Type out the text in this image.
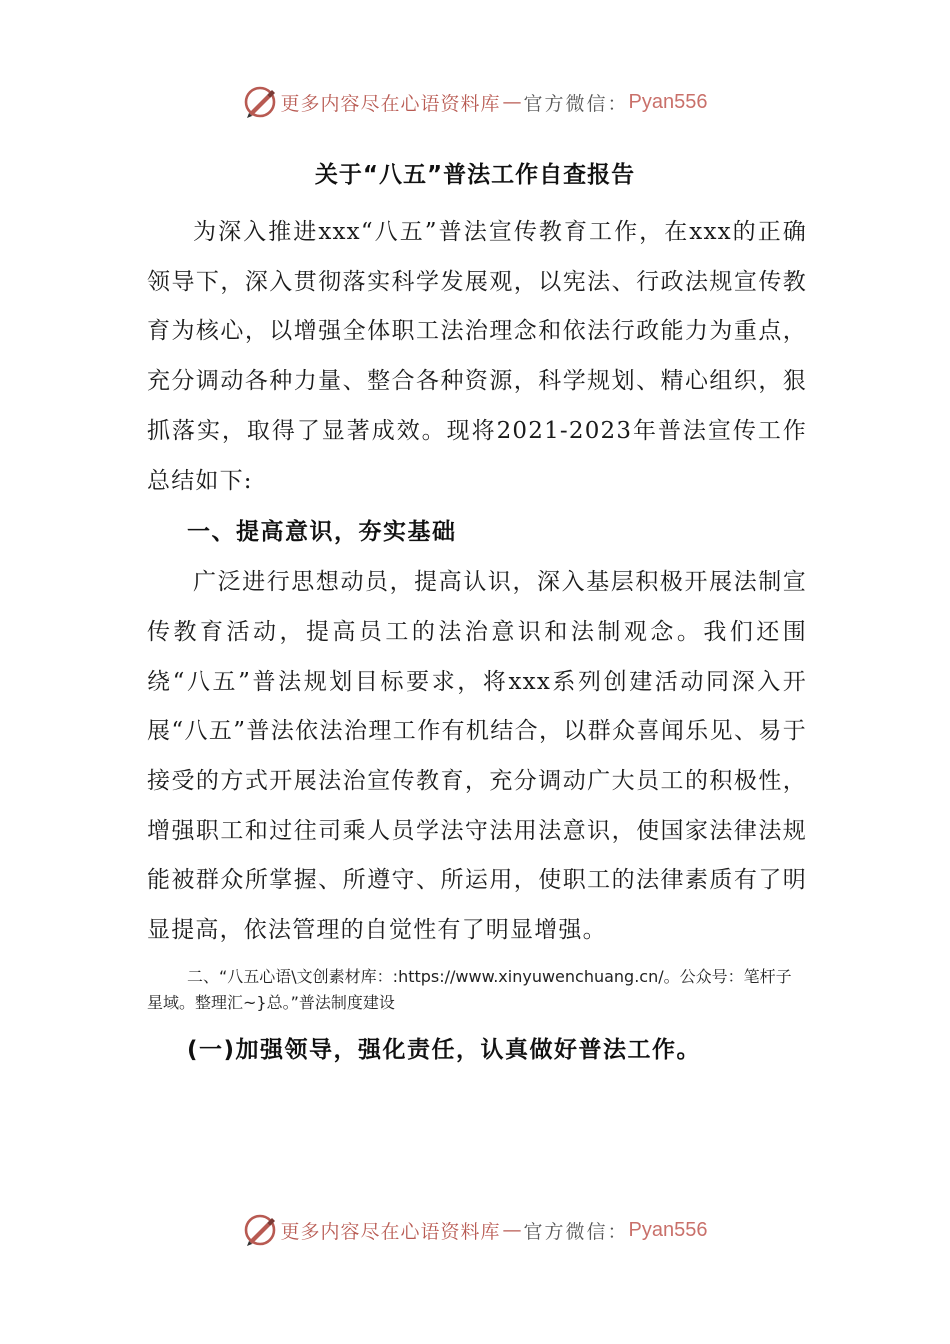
更多内容尽在心语资料库 — 官方微信： Pyan556
关于“八五”普法工作自查报告

为深入推进xxx“八五”普法宣传教育工作，在xxx的正确领导下，深入贯彻落实科学发展观，以宪法、行政法规宣传教育为核心，以增强全体职工法治理念和依法行政能力为重点，充分调动各种力量、整合各种资源，科学规划、精心组织，狠抓落实，取得了显著成效。现将2021-2023年普法宣传工作总结如下:

一、提高意识，夯实基础

广泛进行思想动员，提高认识，深入基层积极开展法制宣传教育活动，提高员工的法治意识和法制观念。我们还围绕“八五”普法规划目标要求，将xxx系列创建活动同深入开展“八五”普法依法治理工作有机结合，以群众喜闻乐见、易于接受的方式开展法治宣传教育，充分调动广大员工的积极性，增强职工和过往司乘人员学法守法用法意识，使国家法律法规能被群众所掌握、所遵守、所运用，使职工的法律素质有了明显提高，依法管理的自觉性有了明显增强。

二、“八五心语\文创素材库：:https://www.xinyuwenchuang.cn/。公众号：笔杆子星域。整理汇~}总。”普法制度建设

(一)加强领导，强化责任，认真做好普法工作。

更多内容尽在心语资料库 — 官方微信： Pyan556
